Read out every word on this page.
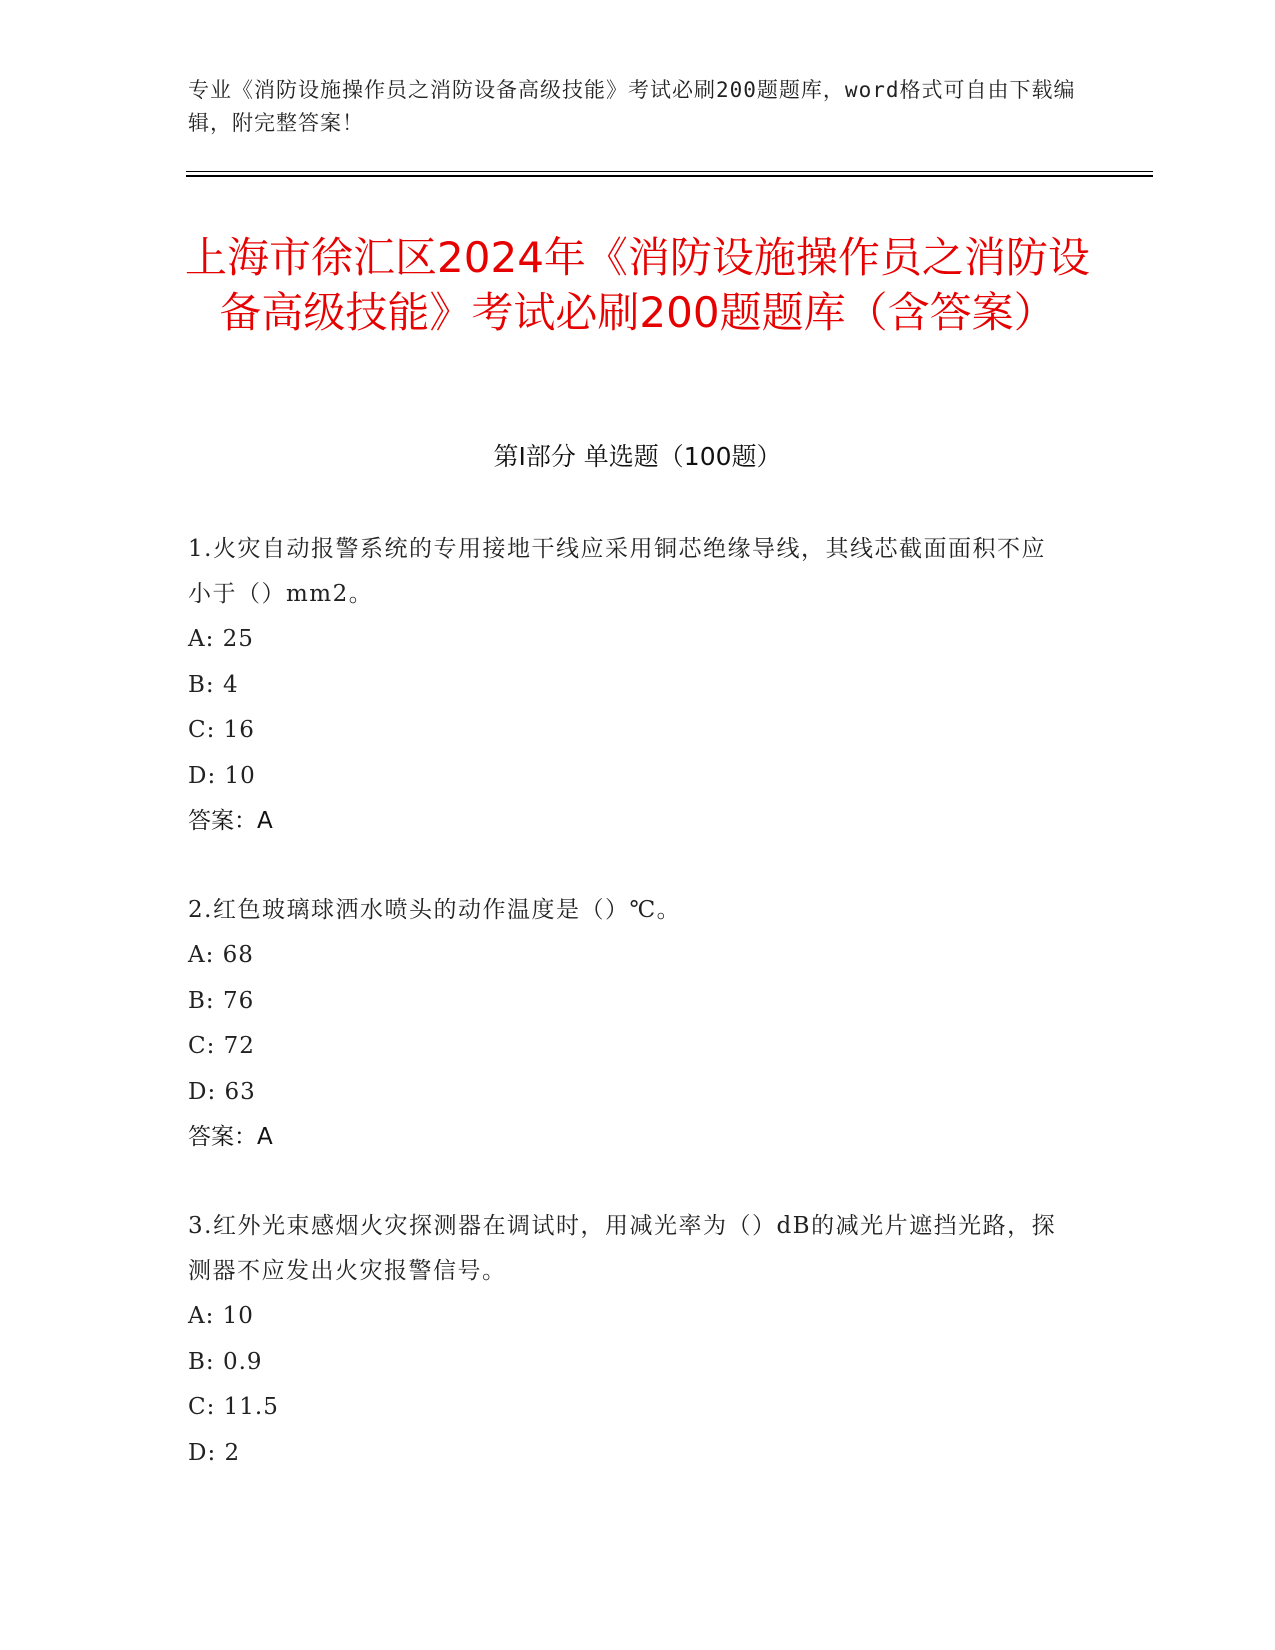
专业《消防设施操作员之消防设备高级技能》考试必刷200题题库，word格式可自由下载编辑，附完整答案！
上海市徐汇区2024年《消防设施操作员之消防设备高级技能》考试必刷200题题库（含答案）
第Ⅰ部分 单选题（100题）
1.火灾自动报警系统的专用接地干线应采用铜芯绝缘导线，其线芯截面面积不应小于（）mm2。
A: 25
B: 4
C: 16
D: 10
答案：A
2.红色玻璃球洒水喷头的动作温度是（）℃。
A: 68
B: 76
C: 72
D: 63
答案：A
3.红外光束感烟火灾探测器在调试时，用减光率为（）dB的减光片遮挡光路，探测器不应发出火灾报警信号。
A: 10
B: 0.9
C: 11.5
D: 2
